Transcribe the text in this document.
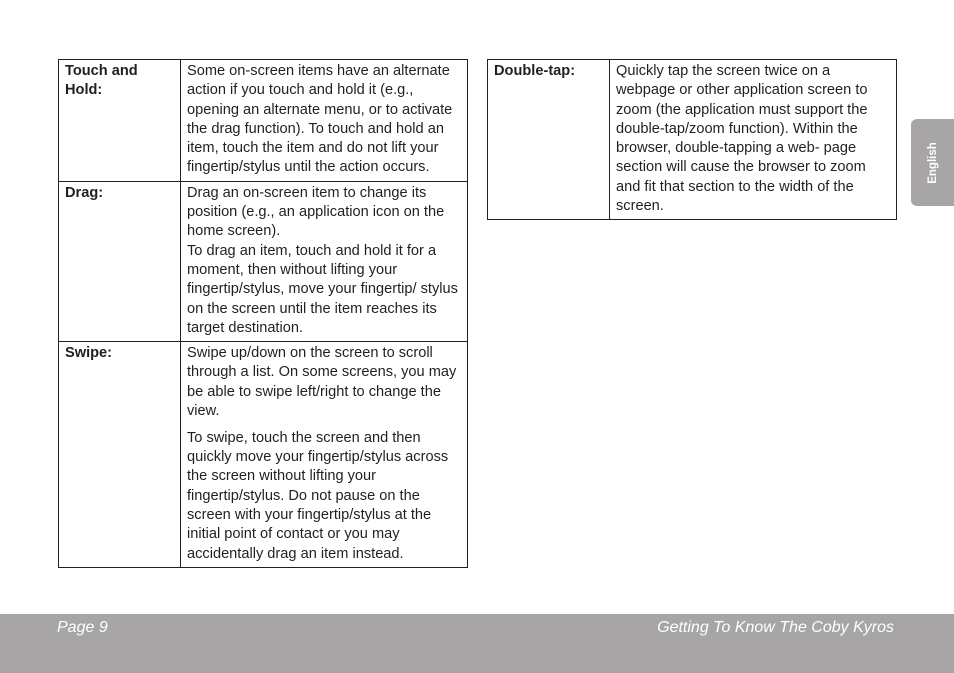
Touch and Hold:	Some on-screen items have an alternate action if you touch and hold it (e.g., opening an alternate menu, or to activate the drag function). To touch and hold an item, touch the item and do not lift your fingertip/stylus until the action occurs.

Drag:	Drag an on-screen item to change its position (e.g., an application icon on the home screen).

To drag an item, touch and hold it for a moment, then without lifting your fingertip/stylus, move your fingertip/ stylus on the screen until the item reaches its target destination.

Swipe:	Swipe up/down on the screen to scroll through a list. On some screens, you may be able to swipe left/right to change the view.

To swipe, touch the screen and then quickly move your fingertip/stylus across the screen without lifting your fingertip/stylus. Do not pause on the screen with your fingertip/stylus at the initial point of contact or you may accidentally drag an item instead.

Double-tap:	Quickly tap the screen twice on a webpage or other application screen to zoom (the application must support the double-tap/zoom function). Within the browser, double-tapping a web- page section will cause the browser to zoom and fit that section to the width of the screen.

English
Page 9	Getting To Know The Coby Kyros
